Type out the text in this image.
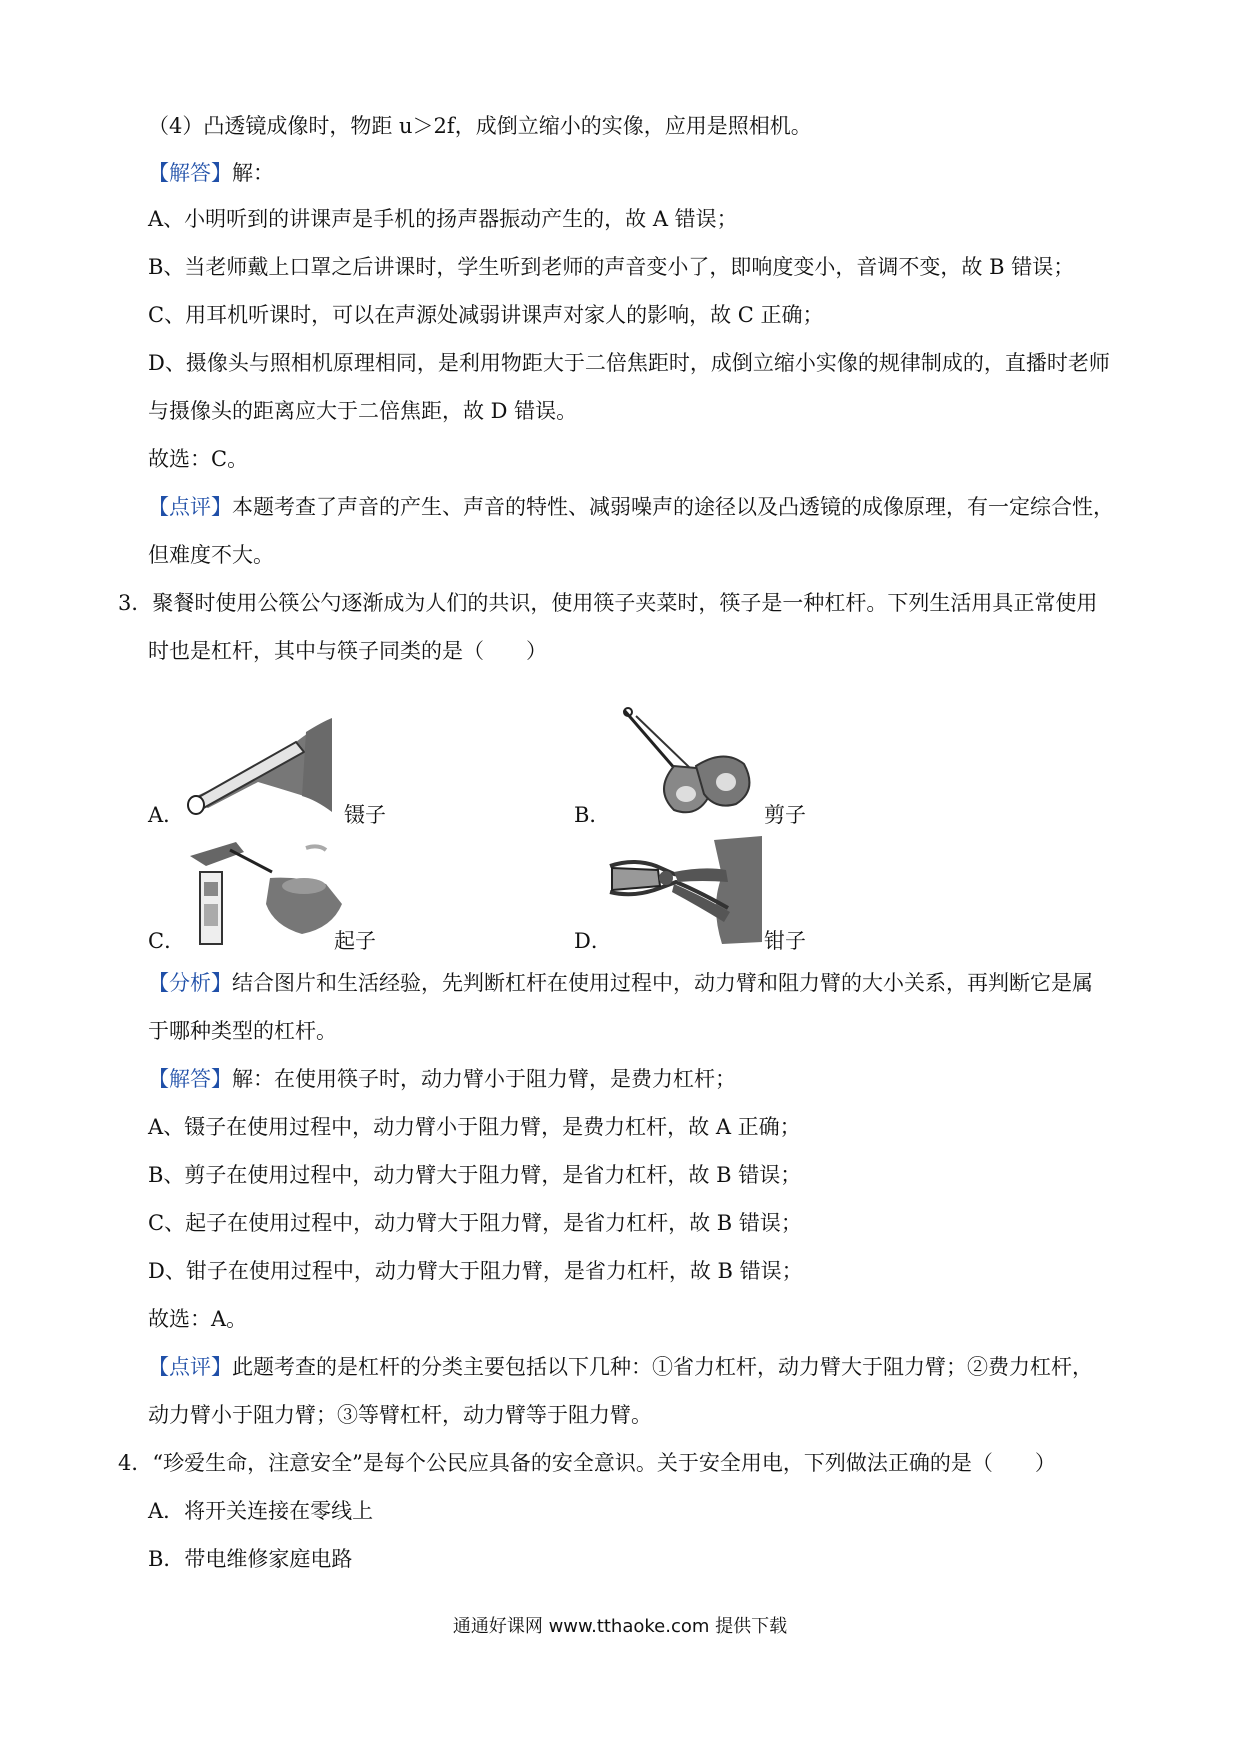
（4）凸透镜成像时，物距 u＞2f，成倒立缩小的实像，应用是照相机。
【解答】解：
A、小明听到的讲课声是手机的扬声器振动产生的，故 A 错误；
B、当老师戴上口罩之后讲课时，学生听到老师的声音变小了，即响度变小，音调不变，故 B 错误；
C、用耳机听课时，可以在声源处减弱讲课声对家人的影响，故 C 正确；
D、摄像头与照相机原理相同，是利用物距大于二倍焦距时，成倒立缩小实像的规律制成的，直播时老师
与摄像头的距离应大于二倍焦距，故 D 错误。
故选：C。
【点评】本题考查了声音的产生、声音的特性、减弱噪声的途径以及凸透镜的成像原理，有一定综合性，
但难度不大。
3．聚餐时使用公筷公勺逐渐成为人们的共识，使用筷子夹菜时，筷子是一种杠杆。下列生活用具正常使用
时也是杠杆，其中与筷子同类的是（　　）
A．	镊子	B．	剪子
C．	起子	D．	钳子
【分析】结合图片和生活经验，先判断杠杆在使用过程中，动力臂和阻力臂的大小关系，再判断它是属
于哪种类型的杠杆。
【解答】解：在使用筷子时，动力臂小于阻力臂，是费力杠杆；
A、镊子在使用过程中，动力臂小于阻力臂，是费力杠杆，故 A 正确；
B、剪子在使用过程中，动力臂大于阻力臂，是省力杠杆，故 B 错误；
C、起子在使用过程中，动力臂大于阻力臂，是省力杠杆，故 B 错误；
D、钳子在使用过程中，动力臂大于阻力臂，是省力杠杆，故 B 错误；
故选：A。
【点评】此题考查的是杠杆的分类主要包括以下几种：①省力杠杆，动力臂大于阻力臂；②费力杠杆，
动力臂小于阻力臂；③等臂杠杆，动力臂等于阻力臂。
4．“珍爱生命，注意安全”是每个公民应具备的安全意识。关于安全用电，下列做法正确的是（　　）
A．将开关连接在零线上
B．带电维修家庭电路
通通好课网 www.tthaoke.com 提供下载
